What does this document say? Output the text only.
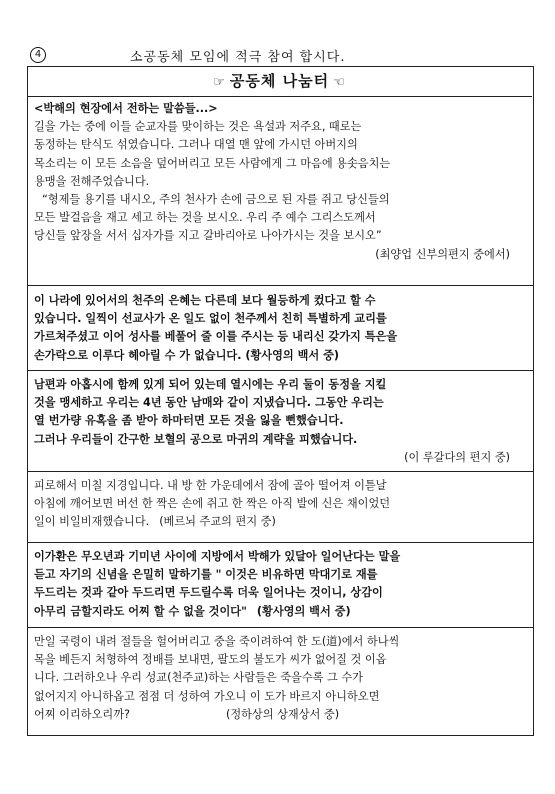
4	소공동체 모임에 적극 참여 합시다.
☞ 공동체 나눔터 ☜

<박해의 현장에서 전하는 말씀들...>

길을 가는 중에 이들 순교자를 맞이하는 것은 욕설과 저주요, 때로는

동정하는 탄식도 섞였습니다. 그러나 대열 맨 앞에 가시던 아버지의

목소리는 이 모든 소음을 덮어버리고 모든 사람에게 그 마음에 용솟음치는

용맹을 전해주었습니다.

“형제들 용기를 내시오, 주의 천사가 손에 금으로 된 자를 쥐고 당신들의

모든 발걸음을 재고 세고 하는 것을 보시오. 우리 주 예수 그리스도께서

당신들 앞장을 서서 십자가를 지고 갈바리아로 나아가시는 것을 보시오”

(최양업 신부의편지 중에서)

이 나라에 있어서의 천주의 은혜는 다른데 보다 월등하게 컸다고 할 수

있습니다. 일찍이 선교사가 온 일도 없이 천주께서 친히 특별하게 교리를

가르쳐주셨고 이어 성사를 베풀어 줄 이를 주시는 등 내리신 갖가지 특은을

손가락으로 이루다 헤아릴 수 가 없습니다. (황사영의 백서 중)

남편과 아홉시에 함께 있게 되어 있는데 열시에는 우리 둘이 동정을 지킬

것을 맹세하고 우리는 4년 동안 남매와 같이 지냈습니다. 그동안 우리는

열 번가량 유혹을 좀 받아 하마터면 모든 것을 잃을 뻔했습니다.

그러나 우리들이 간구한 보혈의 공으로 마귀의 계략을 피했습니다.

(이 루갈다의 편지 중)

피로해서 미칠 지경입니다. 내 방 한 가운데에서 잠에 골아 떨어져 이튿날

아침에 깨어보면 버선 한 짝은 손에 쥐고 한 짝은 아직 발에 신은 채이었던

일이 비일비재했습니다. (베르뇌 주교의 편지 중)

이가환은 무오년과 기미년 사이에 지방에서 박해가 있달아 일어난다는 말을

듣고 자기의 신념을 은밀히 말하기를 " 이것은 비유하면 막대기로 재를

두드리는 것과 같아 두드리면 두드릴수록 더욱 일어나는 것이니, 상감이

아무리 금할지라도 어찌 할 수 없을 것이다" (황사영의 백서 중)

만일 국령이 내려 절들을 헐어버리고 중을 죽이려하여 한 도(道)에서 하나씩

목을 베든지 처형하여 정배를 보내면, 팔도의 불도가 씨가 없어질 것 이옵

니다. 그러하오나 우리 성교(천주교)하는 사람들은 죽을수록 그 수가

없어지지 아니하옵고 점점 더 성하여 가오니 이 도가 바르지 아니하오면

어찌 이리하오리까?	(정하상의 상재상서 중)
